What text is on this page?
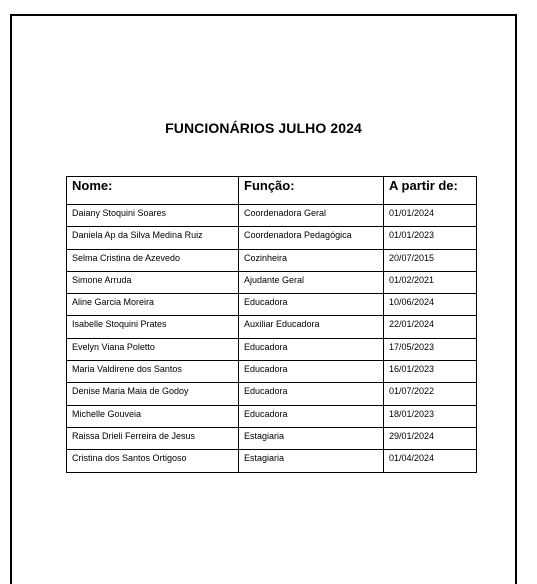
FUNCIONÁRIOS JULHO 2024
Nome:	Função:	A partir de:
Daiany Stoquini Soares	Coordenadora Geral	01/01/2024
Daniela Ap da Silva Medina Ruiz	Coordenadora Pedagógica	01/01/2023
Selma Cristina de Azevedo	Cozinheira	20/07/2015
Simone Arruda	Ajudante Geral	01/02/2021
Aline Garcia Moreira	Educadora	10/06/2024
Isabelle Stoquini Prates	Auxiliar Educadora	22/01/2024
Evelyn Viana Poletto	Educadora	17/05/2023
Maria Valdirene dos Santos	Educadora	16/01/2023
Denise Maria Maia de Godoy	Educadora	01/07/2022
Michelle Gouveia	Educadora	18/01/2023
Raissa Drieli Ferreira de Jesus	Estagiaria	29/01/2024
Cristina dos Santos Ortigoso	Estagiaria	01/04/2024
